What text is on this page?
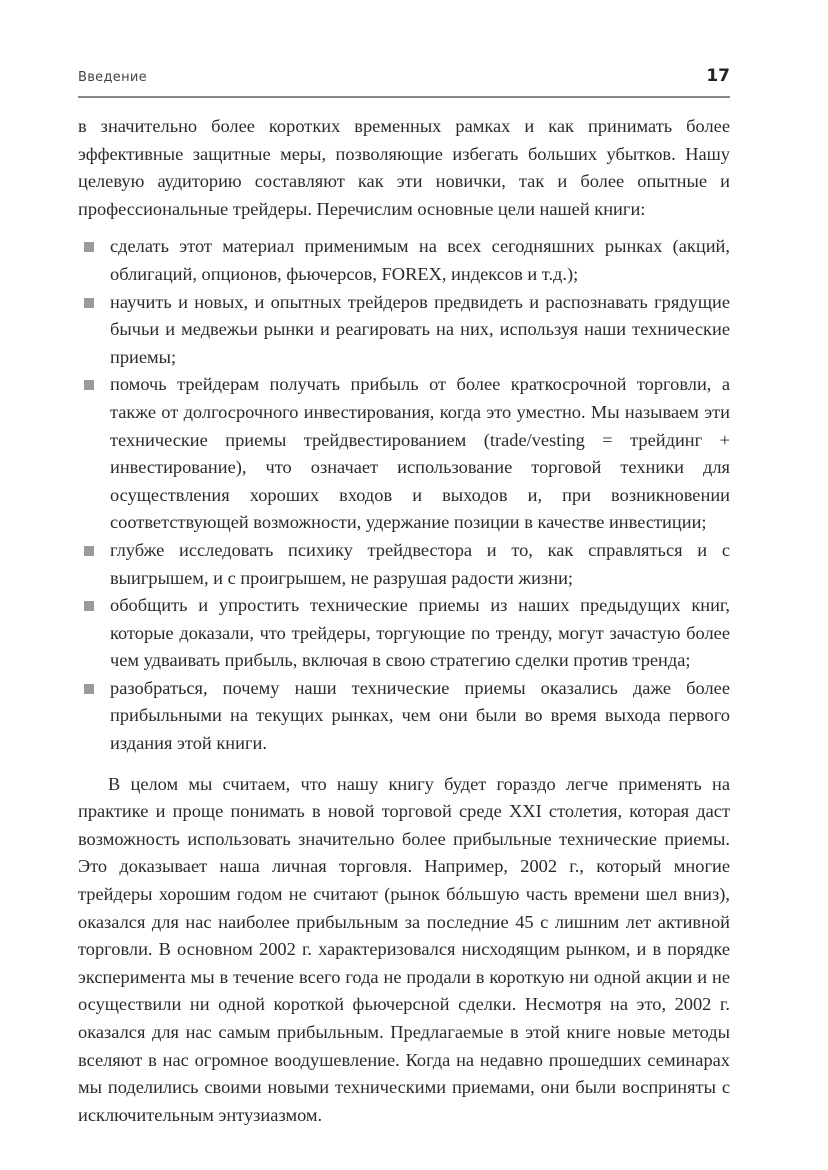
Введение	17

в значительно более коротких временных рамках и как принимать более эффективные защитные меры, позволяющие избегать больших убытков. Нашу целевую аудиторию составляют как эти новички, так и более опытные и профессиональные трейдеры. Перечислим основные цели нашей книги:

сделать этот материал применимым на всех сегодняшних рынках (акций, облигаций, опционов, фьючерсов, FOREX, индексов и т.д.);
научить и новых, и опытных трейдеров предвидеть и распознавать грядущие бычьи и медвежьи рынки и реагировать на них, используя наши технические приемы;
помочь трейдерам получать прибыль от более краткосрочной торговли, а также от долгосрочного инвестирования, когда это уместно. Мы называем эти технические приемы трейдвестированием (trade/vesting = трейдинг + инвестирование), что означает использование торговой техники для осуществления хороших входов и выходов и, при возникновении соответствующей возможности, удержание позиции в качестве инвестиции;
глубже исследовать психику трейдвестора и то, как справляться и с выигрышем, и с проигрышем, не разрушая радости жизни;
обобщить и упростить технические приемы из наших предыдущих книг, которые доказали, что трейдеры, торгующие по тренду, могут зачастую более чем удваивать прибыль, включая в свою стратегию сделки против тренда;
разобраться, почему наши технические приемы оказались даже более прибыльными на текущих рынках, чем они были во время выхода первого издания этой книги.

В целом мы считаем, что нашу книгу будет гораздо легче применять на практике и проще понимать в новой торговой среде XXI столетия, которая даст возможность использовать значительно более прибыльные технические приемы. Это доказывает наша личная торговля. Например, 2002 г., который многие трейдеры хорошим годом не считают (рынок бóльшую часть времени шел вниз), оказался для нас наиболее прибыльным за последние 45 с лишним лет активной торговли. В основном 2002 г. характеризовался нисходящим рынком, и в порядке эксперимента мы в течение всего года не продали в короткую ни одной акции и не осуществили ни одной короткой фьючерсной сделки. Несмотря на это, 2002 г. оказался для нас самым прибыльным. Предлагаемые в этой книге новые методы вселяют в нас огромное воодушевление. Когда на недавно прошедших семинарах мы поделились своими новыми техническими приемами, они были восприняты с исключительным энтузиазмом.
